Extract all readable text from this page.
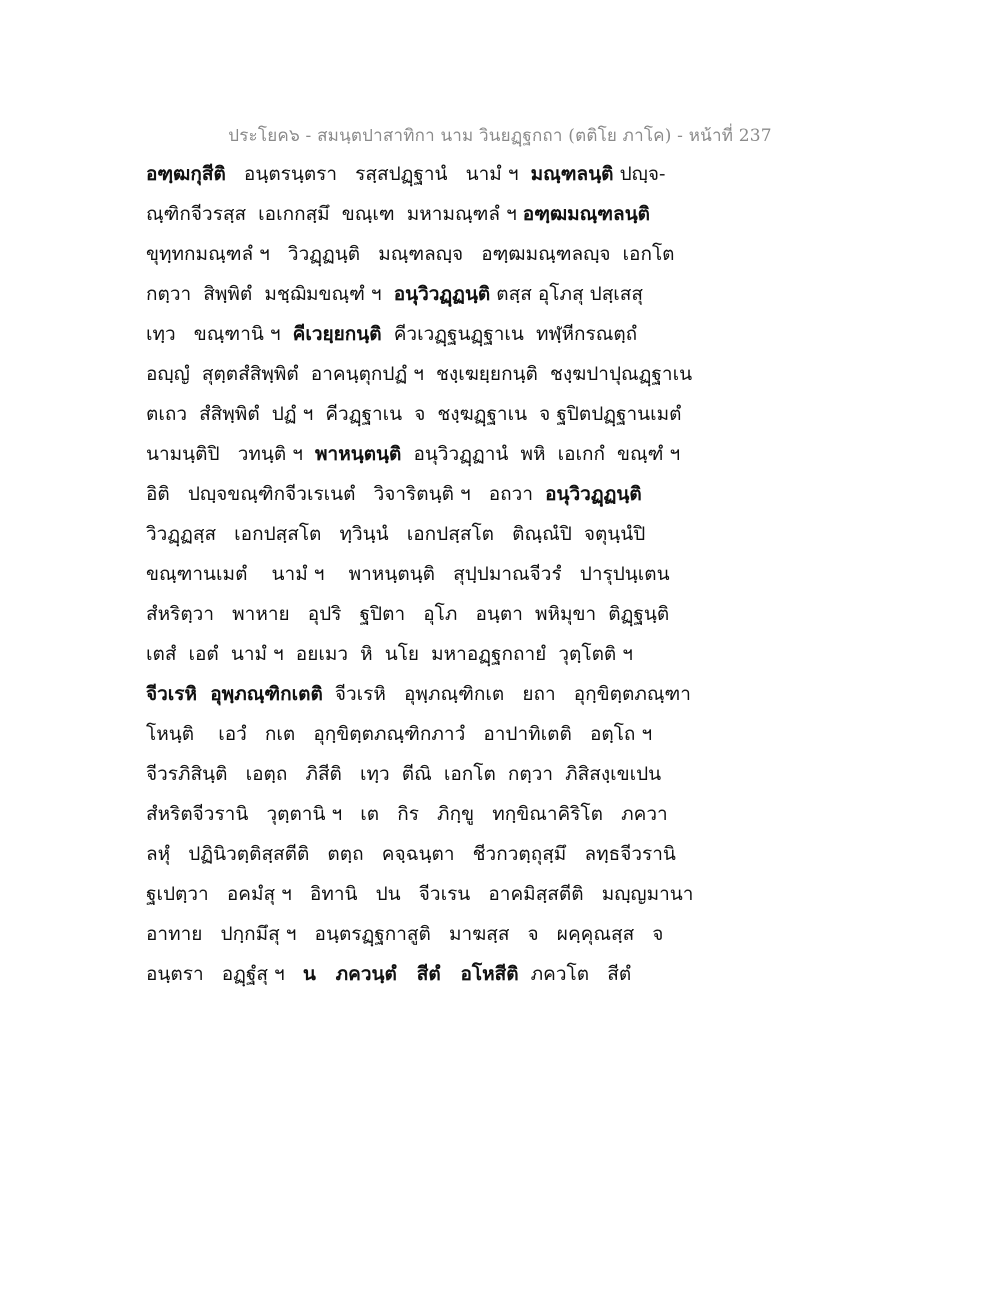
ประโยค๖ - สมนฺตปาสาทิกา นาม วินยฏฺฐกถา (ตติโย ภาโค) - หน้าที่ 237
อฑฺฒกุสีติ   อนฺตรนฺตรา   รสฺสปฏฺฐานํ   นามํ ฯ  มณฺฑลนฺติ ปญฺจ-
ณฺฑิกจีวรสฺส  เอเกกสฺมึ  ขณฺเฑ  มหามณฺฑลํ ฯ อฑฺฒมณฺฑลนฺติ
ขุทฺทกมณฺฑลํ ฯ   วิวฏฺฏนฺติ   มณฺฑลญฺจ   อฑฺฒมณฺฑลญฺจ  เอกโต
กตฺวา  สิพฺพิตํ  มชฺฌิมขณฺฑํ ฯ  อนุวิวฏฺฏนฺติ ตสฺส อุโภสุ ปสฺเสสุ
เทฺว   ขณฺฑานิ ฯ  คีเวยฺยกนฺติ  คีวเวฏฺฐนฏฺฐาเน  ทฬฺหีกรณตฺถํ
อญฺญํ  สุตฺตสํสิพฺพิตํ  อาคนฺตุกปฏํ ฯ  ชงฺเฆยฺยกนฺติ  ชงฺฆปาปุณฏฺฐาเน
ตเถว  สํสิพฺพิตํ  ปฏํ ฯ  คีวฏฺฐาเน  จ  ชงฺฆฏฺฐาเน  จ ฐปิตปฏฺฐานเมตํ
นามนฺติปิ   วทนฺติ ฯ  พาหนฺตนฺติ  อนุวิวฏฺฏานํ  พหิ  เอเกกํ  ขณฺฑํ ฯ
อิติ   ปญฺจขณฺฑิกจีวเรเนตํ   วิจาริตนฺติ ฯ   อถวา  อนุวิวฏฺฏนฺติ
วิวฏฺฏสฺส   เอกปสฺสโต   ทฺวินฺนํ   เอกปสฺสโต   ติณฺณํปิ  จตุนฺนํปิ
ขณฺฑานเมตํ    นามํ ฯ    พาหนฺตนฺติ   สุปฺปมาณจีวรํ   ปารุปนฺเตน
สํหริตฺวา   พาหาย   อุปริ   ฐปิตา   อุโภ   อนฺตา  พหิมุขา  ติฏฺฐนฺติ
เตสํ  เอตํ  นามํ ฯ  อยเมว  หิ  นโย  มหาอฏฺฐกถายํ  วุตฺโตติ ฯ
จีวเรหิ  อุพฺภณฺฑิกเตติ  จีวเรหิ   อุพฺภณฺฑิกเต   ยถา   อุกฺขิตฺตภณฺฑา
โหนฺติ    เอวํ   กเต   อุกฺขิตฺตภณฺฑิกภาวํ   อาปาทิเตติ   อตฺโถ ฯ
จีวรภิสินฺติ   เอตฺถ   ภิสีติ   เทฺว  ตีณิ  เอกโต  กตฺวา  ภิสิสงฺเขเปน
สํหริตจีวรานิ   วุตฺตานิ ฯ   เต   กิร   ภิกฺขู   ทกฺขิณาคิริโต   ภควา
ลหุํ   ปฏินิวตฺติสฺสตีติ   ตตฺถ   คจฺฉนฺตา   ชีวกวตฺถุสฺมึ   ลทฺธจีวรานิ
ฐเปตฺวา   อคมํสุ ฯ   อิทานิ   ปน   จีวเรน   อาคมิสฺสตีติ   มญฺญมานา
อาทาย   ปกฺกมึสุ ฯ   อนฺตรฏฺฐกาสูติ   มาฆสฺส   จ   ผคฺคุณสฺส   จ
อนฺตรา   อฏฺฐํสุ ฯ   น   ภควนฺตํ   สีตํ   อโหสีติ  ภควโต   สีตํ
